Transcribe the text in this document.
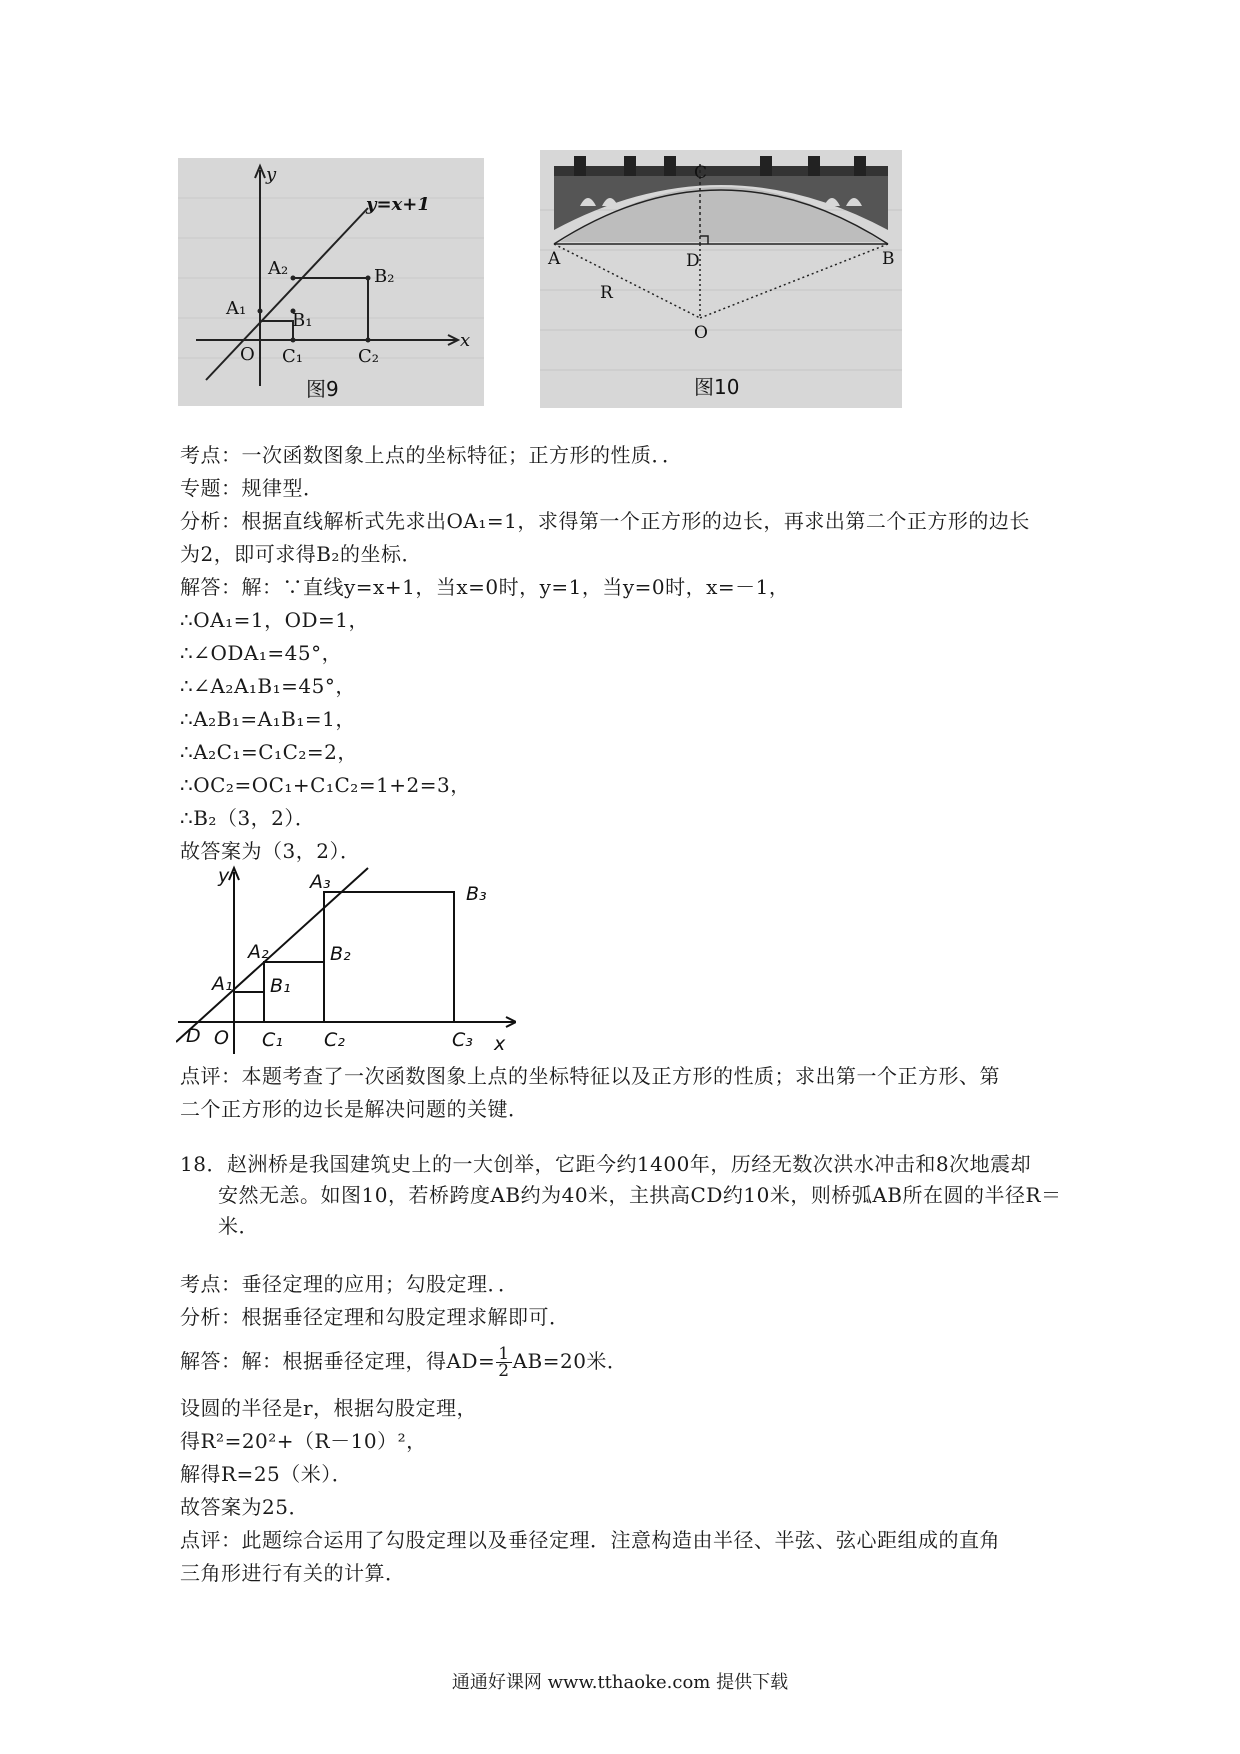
y
x
y=x+1
O
A₁
A₂
B₁
B₂
C₁	C₂
图9
A	B
C
D
R
O
图10
考点：一次函数图象上点的坐标特征；正方形的性质．．
专题：规律型．
分析：根据直线解析式先求出OA₁=1，求得第一个正方形的边长，再求出第二个正方形的边长
为2，即可求得B₂的坐标．
解答：解：∵直线y=x+1，当x=0时，y=1，当y=0时，x=－1，
∴OA₁=1，OD=1，
∴∠ODA₁=45°，
∴∠A₂A₁B₁=45°，
∴A₂B₁=A₁B₁=1，
∴A₂C₁=C₁C₂=2，
∴OC₂=OC₁+C₁C₂=1+2=3，
∴B₂（3，2）．
故答案为（3，2）．
y
x
D O
A₁
A₂
A₃
B₁
B₂
B₃
C₁ C₂	C₃
点评：本题考查了一次函数图象上点的坐标特征以及正方形的性质；求出第一个正方形、第
二个正方形的边长是解决问题的关键．
18．赵洲桥是我国建筑史上的一大创举，它距今约1400年，历经无数次洪水冲击和8次地震却
安然无恙。如图10，若桥跨度AB约为40米，主拱高CD约10米，则桥弧AB所在圆的半径R＝
米．
考点：垂径定理的应用；勾股定理．．
分析：根据垂径定理和勾股定理求解即可．
解答：解：根据垂径定理，得$AD= \frac{1}{2} AB=20$米．
设圆的半径是r，根据勾股定理，
得R²=20²+（R－10）²，
解得R=25（米）．
故答案为25．
点评：此题综合运用了勾股定理以及垂径定理．注意构造由半径、半弦、弦心距组成的直角
三角形进行有关的计算．
通通好课网 www.tthaoke.com 提供下载
